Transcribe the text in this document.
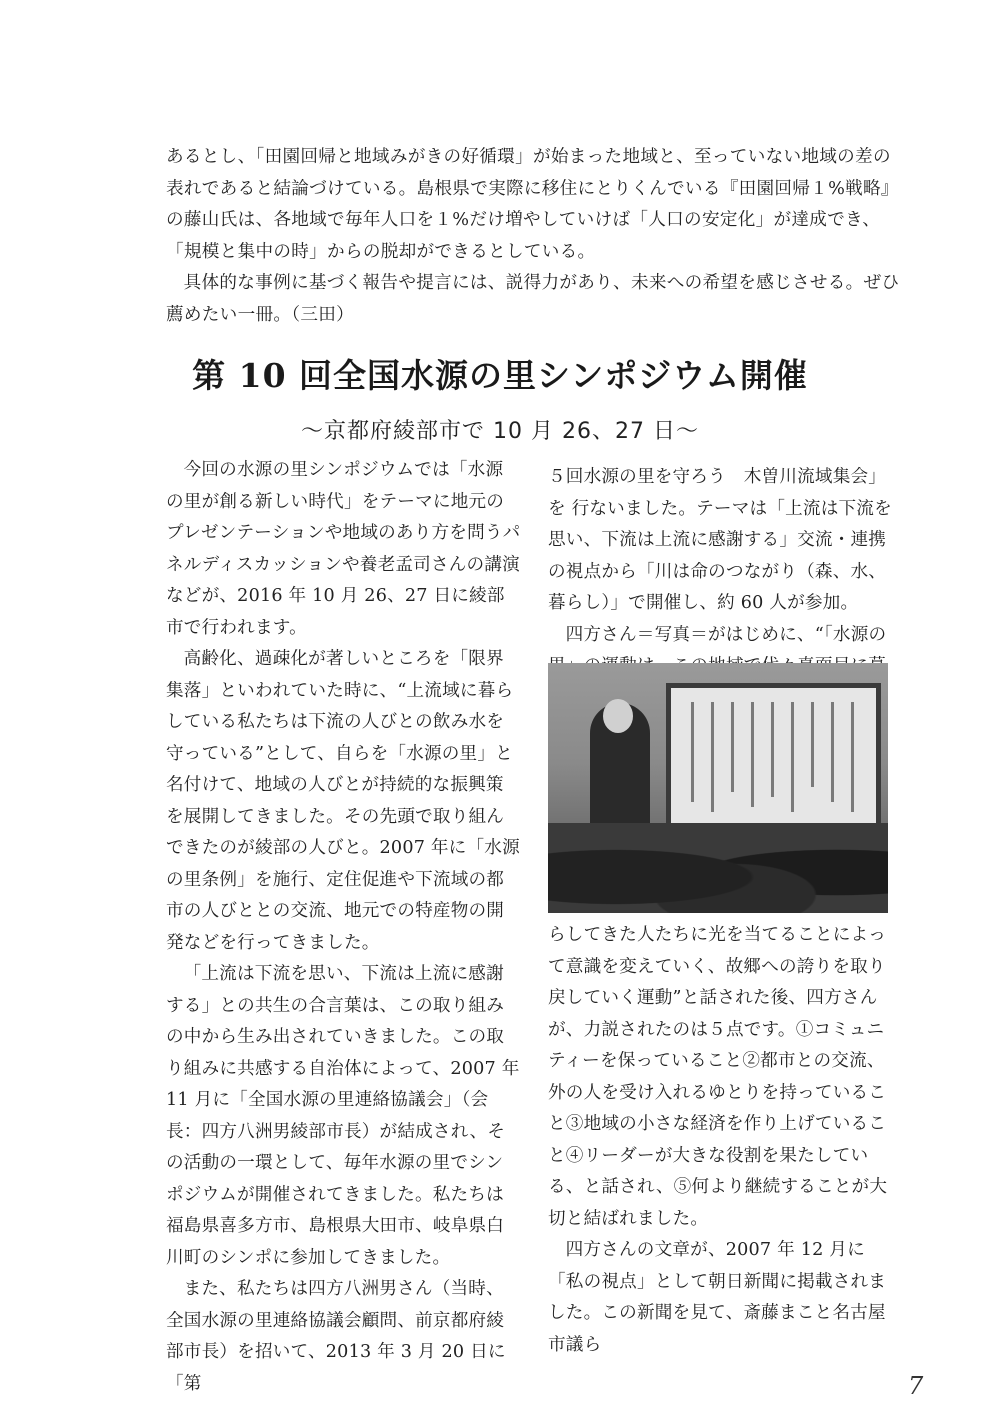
あるとし、「田園回帰と地域みがきの好循環」が始まった地域と、至っていない地域の差の表れであると結論づけている。島根県で実際に移住にとりくんでいる『田園回帰１%戦略』の藤山氏は、各地域で毎年人口を１%だけ増やしていけば「人口の安定化」が達成でき、「規模と集中の時」からの脱却ができるとしている。

具体的な事例に基づく報告や提言には、説得力があり、未来への希望を感じさせる。ぜひ薦めたい一冊。（三田）

第 10 回全国水源の里シンポジウム開催
～京都府綾部市で 10 月 26、27 日～

今回の水源の里シンポジウムでは「水源の里が創る新しい時代」をテーマに地元のプレゼンテーションや地域のあり方を問うパネルディスカッションや養老孟司さんの講演などが、2016 年 10 月 26、27 日に綾部市で行われます。

高齢化、過疎化が著しいところを「限界集落」といわれていた時に、“上流域に暮らしている私たちは下流の人びとの飲み水を守っている”として、自らを「水源の里」と名付けて、地域の人びとが持続的な振興策を展開してきました。その先頭で取り組んできたのが綾部の人びと。2007 年に「水源の里条例」を施行、定住促進や下流域の都市の人びととの交流、地元での特産物の開発などを行ってきました。

「上流は下流を思い、下流は上流に感謝する」との共生の合言葉は、この取り組みの中から生み出されていきました。この取り組みに共感する自治体によって、2007 年 11 月に「全国水源の里連絡協議会」（会長：四方八洲男綾部市長）が結成され、その活動の一環として、毎年水源の里でシンポジウムが開催されてきました。私たちは福島県喜多方市、島根県大田市、岐阜県白川町のシンポに参加してきました。

また、私たちは四方八洲男さん（当時、全国水源の里連絡協議会顧問、前京都府綾部市長）を招いて、2013 年 3 月 20 日に「第

５回水源の里を守ろう　木曽川流域集会」を 行ないました。テーマは「上流は下流を思い、下流は上流に感謝する」交流・連携の視点から「川は命のつながり（森、水、暮らし）」で開催し、約 60 人が参加。

四方さん＝写真＝がはじめに、“「水源の

らしてきた人たちに光を当てることによって意識を変えていく、故郷への誇りを取り戻していく運動”と話された後、四方さんが、力説されたのは５点です。①コミュニティーを保っていること②都市との交流、外の人を受け入れるゆとりを持っていること③地域の小さな経済を作り上げていること④リーダーが大きな役割を果たしている、と話され、⑤何より継続することが大切と結ばれました。

四方さんの文章が、2007 年 12 月に「私の視点」として朝日新聞に掲載されました。この新聞を見て、斎藤まこと名古屋市議ら

7
